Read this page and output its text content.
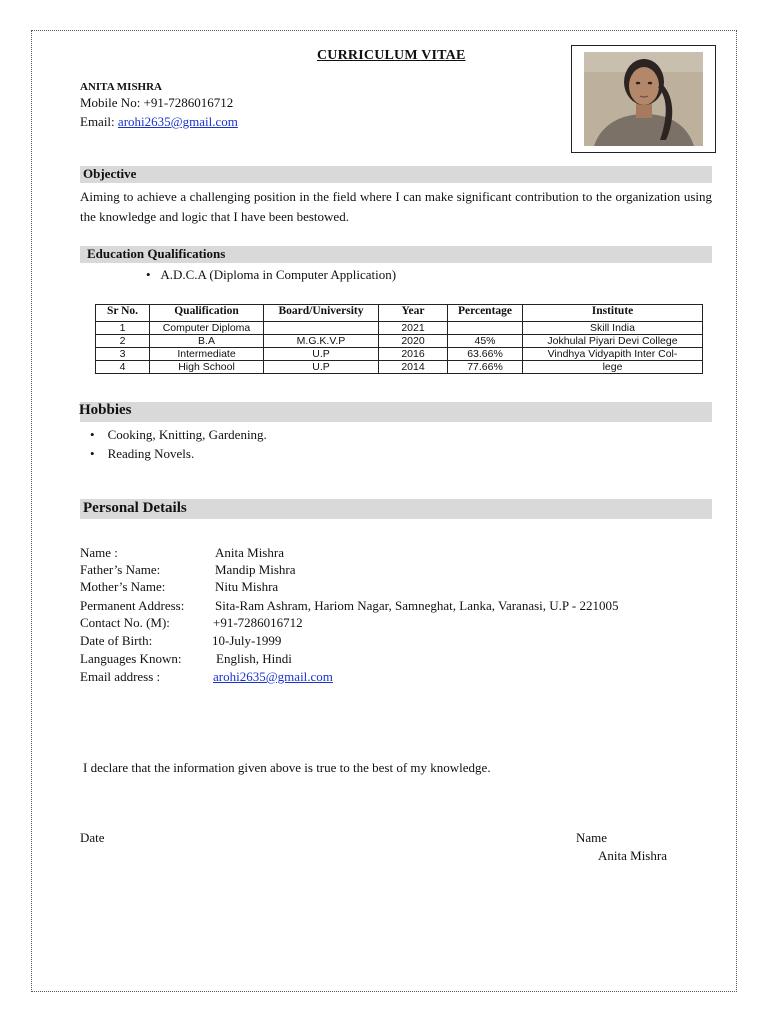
CURRICULUM VITAE
ANITA MISHRA
Mobile No: +91-7286016712
Email: arohi2635@gmail.com
Objective
Aiming to achieve a challenging position in the field where I can make significant contribution to the organization using the knowledge and logic that I have been bestowed.
Education Qualifications
• A.D.C.A (Diploma in Computer Application)
Sr No.	Qualification	Board/University	Year	Percentage	Institute
1	Computer Diploma		2021		Skill India
2	B.A	M.G.K.V.P	2020	45%	Jokhulal Piyari Devi College
3	Intermediate	U.P	2016	63.66%	Vindhya Vidyapith Inter Col-
4	High School	U.P	2014	77.66%	lege
Hobbies
• Cooking, Knitting, Gardening.
• Reading Novels.
Personal Details
Name :	Anita Mishra
Father’s Name:	Mandip Mishra
Mother’s Name:	Nitu Mishra
Permanent Address: Sita-Ram Ashram, Hariom Nagar, Samneghat, Lanka, Varanasi, U.P - 221005
Contact No. (M):	+91-7286016712
Date of Birth:	10-July-1999
Languages Known:	English, Hindi
Email address :	arohi2635@gmail.com
I declare that the information given above is true to the best of my knowledge.
Date	Name
Anita Mishra
